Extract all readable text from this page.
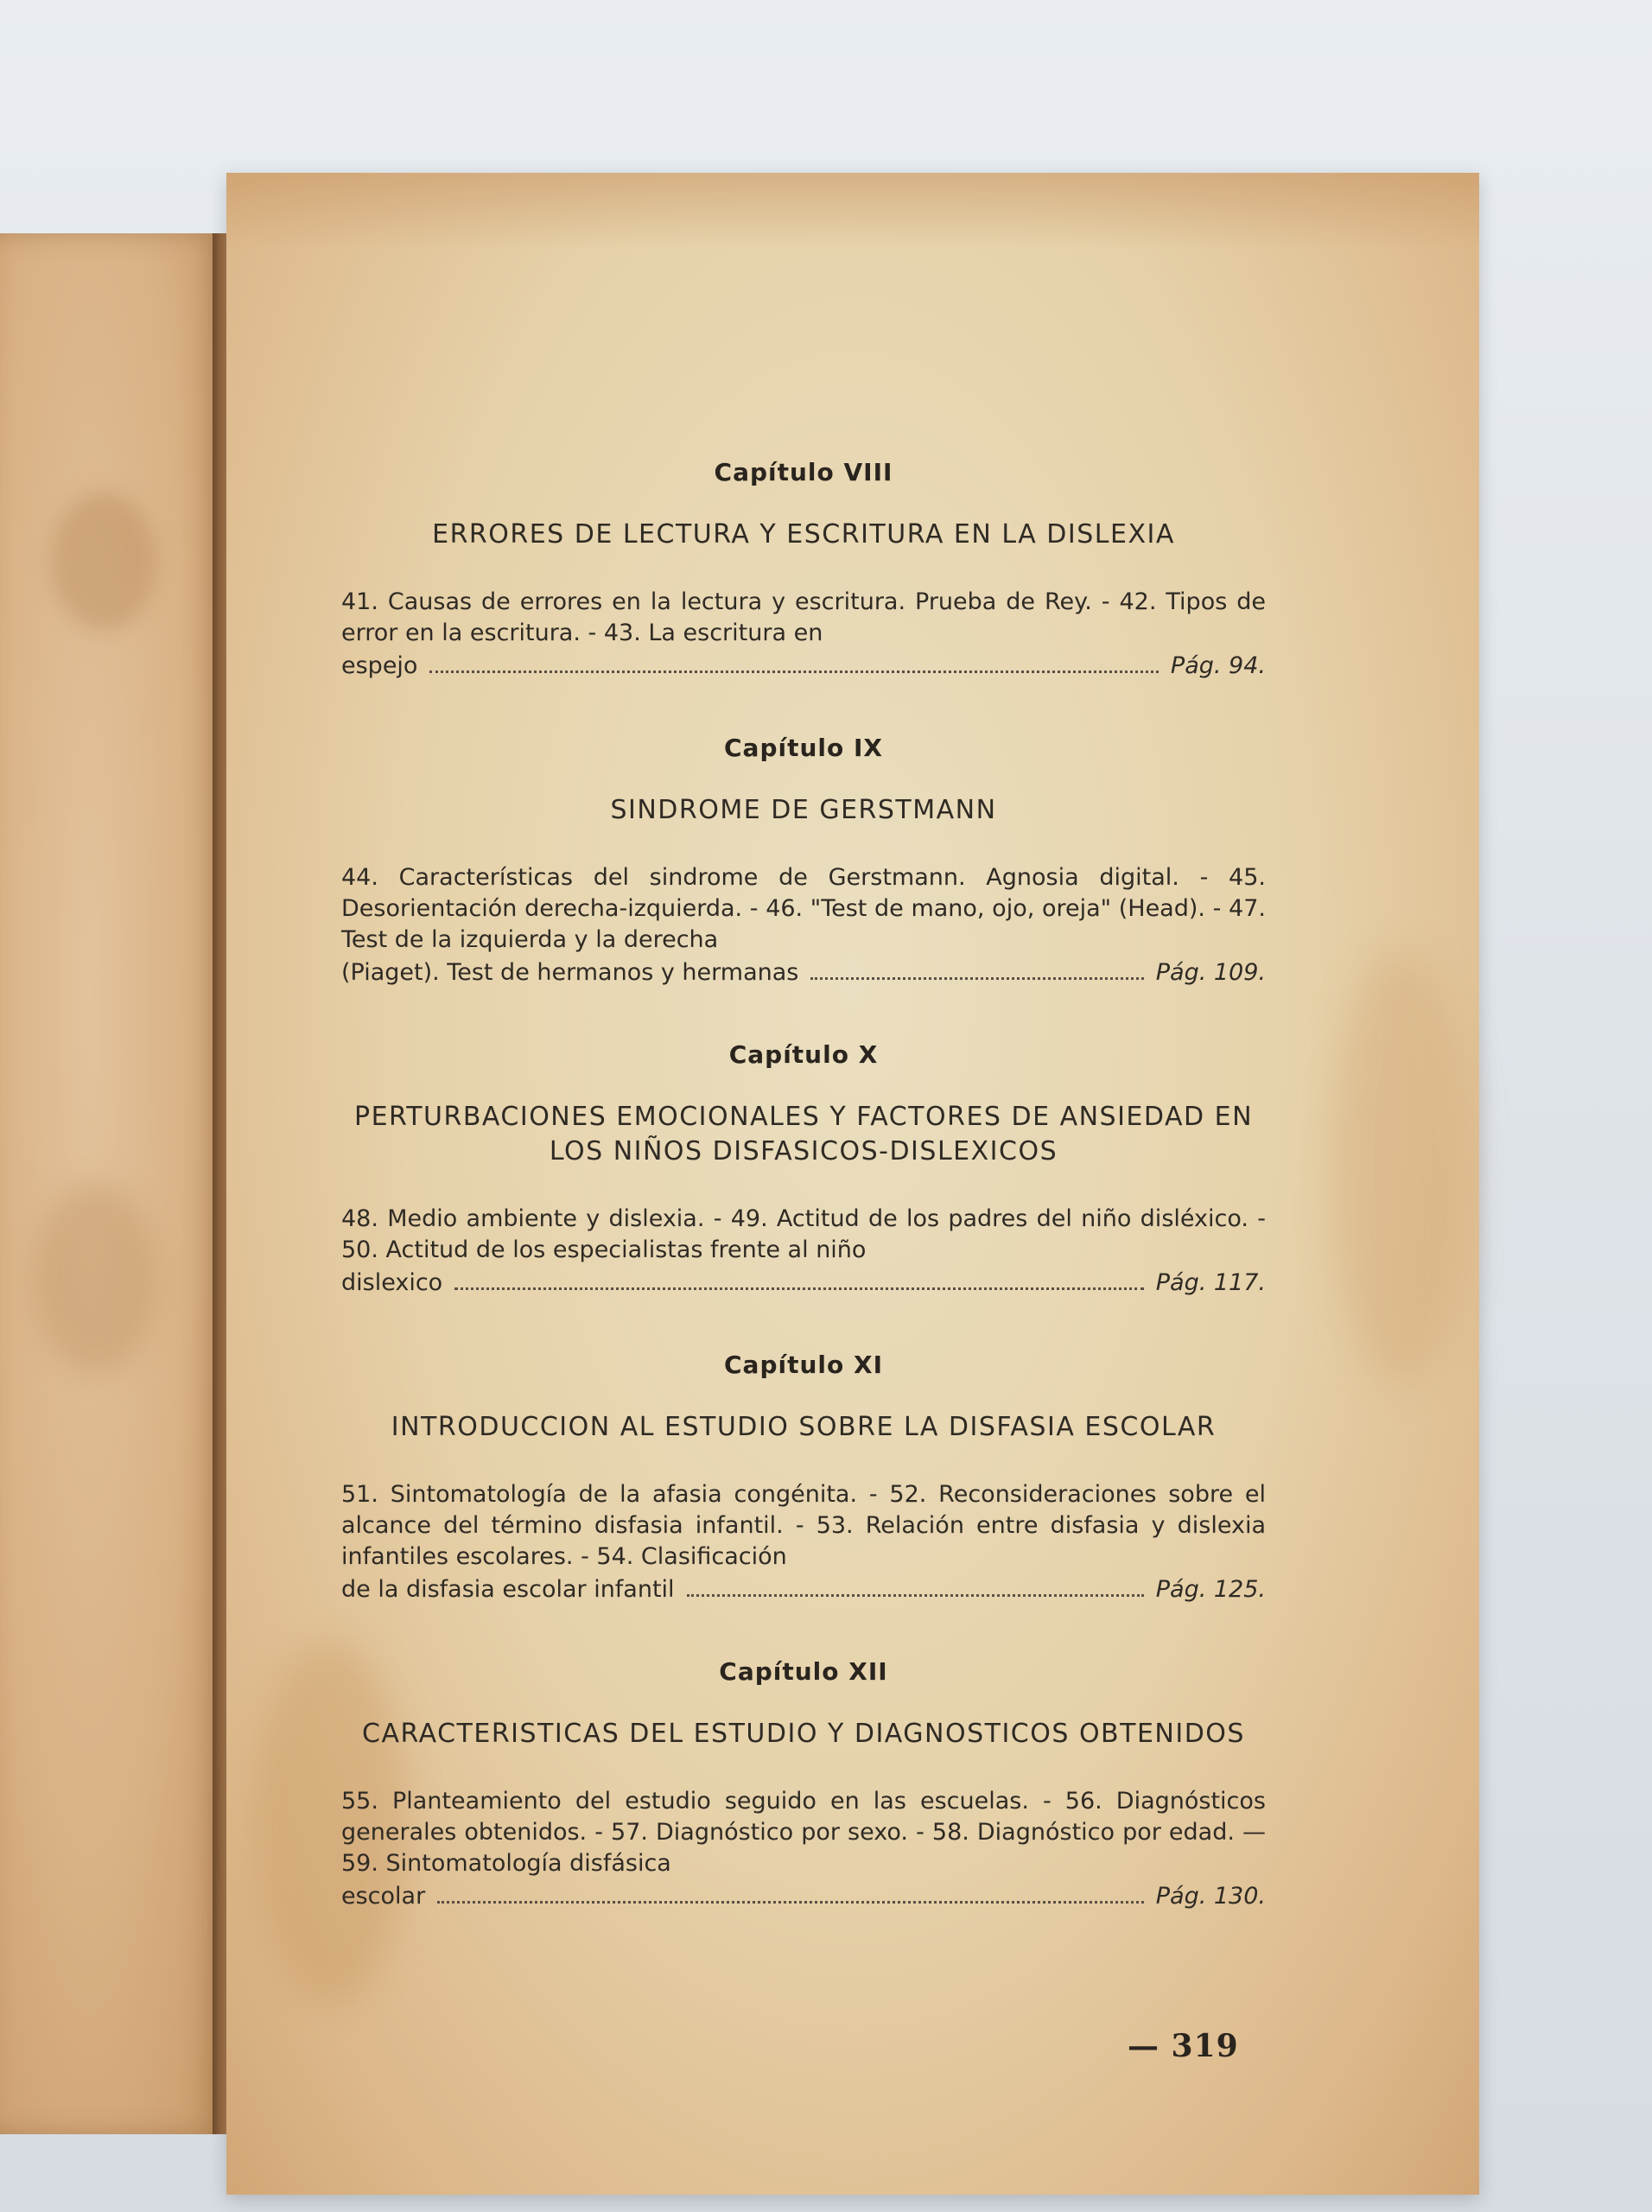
Capítulo VIII
ERRORES DE LECTURA Y ESCRITURA EN LA DISLEXIA

41. Causas de errores en la lectura y escritura. Prueba de Rey. - 42. Tipos de error en la escritura. - 43. La escritura en

espejo	Pág. 94.
Capítulo IX
SINDROME DE GERSTMANN

44. Características del sindrome de Gerstmann. Agnosia digital. - 45. Desorientación derecha-izquierda. - 46. "Test de mano, ojo, oreja" (Head). - 47. Test de la izquierda y la derecha

(Piaget). Test de hermanos y hermanas	Pág. 109.
Capítulo X
PERTURBACIONES EMOCIONALES Y FACTORES DE ANSIEDAD EN LOS NIÑOS DISFASICOS-DISLEXICOS

48. Medio ambiente y dislexia. - 49. Actitud de los padres del niño disléxico. - 50. Actitud de los especialistas frente al niño

dislexico	Pág. 117.
Capítulo XI
INTRODUCCION AL ESTUDIO SOBRE LA DISFASIA ESCOLAR

51. Sintomatología de la afasia congénita. - 52. Reconsideraciones sobre el alcance del término disfasia infantil. - 53. Relación entre disfasia y dislexia infantiles escolares. - 54. Clasificación

de la disfasia escolar infantil	Pág. 125.
Capítulo XII
CARACTERISTICAS DEL ESTUDIO Y DIAGNOSTICOS OBTENIDOS

55. Planteamiento del estudio seguido en las escuelas. - 56. Diagnósticos generales obtenidos. - 57. Diagnóstico por sexo. - 58. Diagnóstico por edad. — 59. Sintomatología disfásica

escolar	Pág. 130.
— 319
